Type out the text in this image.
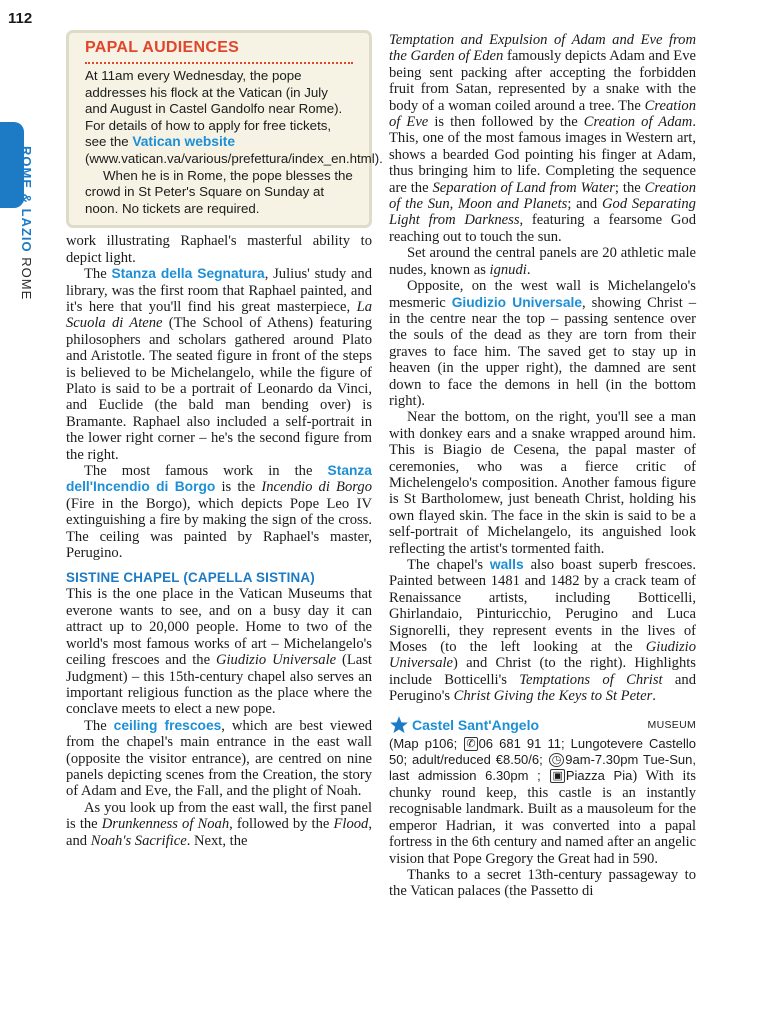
112
ROME & LAZIO ROME
PAPAL AUDIENCES

At 11am every Wednesday, the pope addresses his flock at the Vatican (in July and August in Castel Gandolfo near Rome). For details of how to apply for free tickets, see the Vatican website (www.vatican.va/various/prefettura/index_en.html).

When he is in Rome, the pope blesses the crowd in St Peter's Square on Sunday at noon. No tickets are required.

work illustrating Raphael's masterful ability to depict light.

The Stanza della Segnatura, Julius' study and library, was the first room that Raphael painted, and it's here that you'll find his great masterpiece, La Scuola di Atene (The School of Athens) featuring philosophers and scholars gathered around Plato and Aristotle. The seated figure in front of the steps is believed to be Michelangelo, while the figure of Plato is said to be a portrait of Leonardo da Vinci, and Euclide (the bald man bending over) is Bramante. Raphael also included a self-portrait in the lower right corner – he's the second figure from the right.

The most famous work in the Stanza dell'Incendio di Borgo is the Incendio di Borgo (Fire in the Borgo), which depicts Pope Leo IV extinguishing a fire by making the sign of the cross. The ceiling was painted by Raphael's master, Perugino.

SISTINE CHAPEL (CAPELLA SISTINA)

This is the one place in the Vatican Museums that everone wants to see, and on a busy day it can attract up to 20,000 people. Home to two of the world's most famous works of art – Michelangelo's ceiling frescoes and the Giudizio Universale (Last Judgment) – this 15th-century chapel also serves an important religious function as the place where the conclave meets to elect a new pope.

The ceiling frescoes, which are best viewed from the chapel's main entrance in the east wall (opposite the visitor entrance), are centred on nine panels depicting scenes from the Creation, the story of Adam and Eve, the Fall, and the plight of Noah.

As you look up from the east wall, the first panel is the Drunkenness of Noah, followed by the Flood, and Noah's Sacrifice. Next, the

Temptation and Expulsion of Adam and Eve from the Garden of Eden famously depicts Adam and Eve being sent packing after accepting the forbidden fruit from Satan, represented by a snake with the body of a woman coiled around a tree. The Creation of Eve is then followed by the Creation of Adam. This, one of the most famous images in Western art, shows a bearded God pointing his finger at Adam, thus bringing him to life. Completing the sequence are the Separation of Land from Water; the Creation of the Sun, Moon and Planets; and God Separating Light from Darkness, featuring a fearsome God reaching out to touch the sun.

Set around the central panels are 20 athletic male nudes, known as ignudi.

Opposite, on the west wall is Michelangelo's mesmeric Giudizio Universale, showing Christ – in the centre near the top – passing sentence over the souls of the dead as they are torn from their graves to face him. The saved get to stay up in heaven (in the upper right), the damned are sent down to face the demons in hell (in the bottom right).

Near the bottom, on the right, you'll see a man with donkey ears and a snake wrapped around him. This is Biagio de Cesena, the papal master of ceremonies, who was a fierce critic of Michelengelo's composition. Another famous figure is St Bartholomew, just beneath Christ, holding his own flayed skin. The face in the skin is said to be a self-portrait of Michelangelo, its anguished look reflecting the artist's tormented faith.

The chapel's walls also boast superb frescoes. Painted between 1481 and 1482 by a crack team of Renaissance artists, including Botticelli, Ghirlandaio, Pinturicchio, Perugino and Luca Signorelli, they represent events in the lives of Moses (to the left looking at the Giudizio Universale) and Christ (to the right). Highlights include Botticelli's Temptations of Christ and Perugino's Christ Giving the Keys to St Peter.

Castel Sant'Angelo	MUSEUM

(Map p106; ✆ 06 681 91 11; Lungotevere Castello 50; adult/reduced €8.50/6; ◷ 9am-7.30pm Tue-Sun, last admission 6.30pm ; ▣ Piazza Pia) With its chunky round keep, this castle is an instantly recognisable landmark. Built as a mausoleum for the emperor Hadrian, it was converted into a papal fortress in the 6th century and named after an angelic vision that Pope Gregory the Great had in 590.

Thanks to a secret 13th-century passageway to the Vatican palaces (the Passetto di
